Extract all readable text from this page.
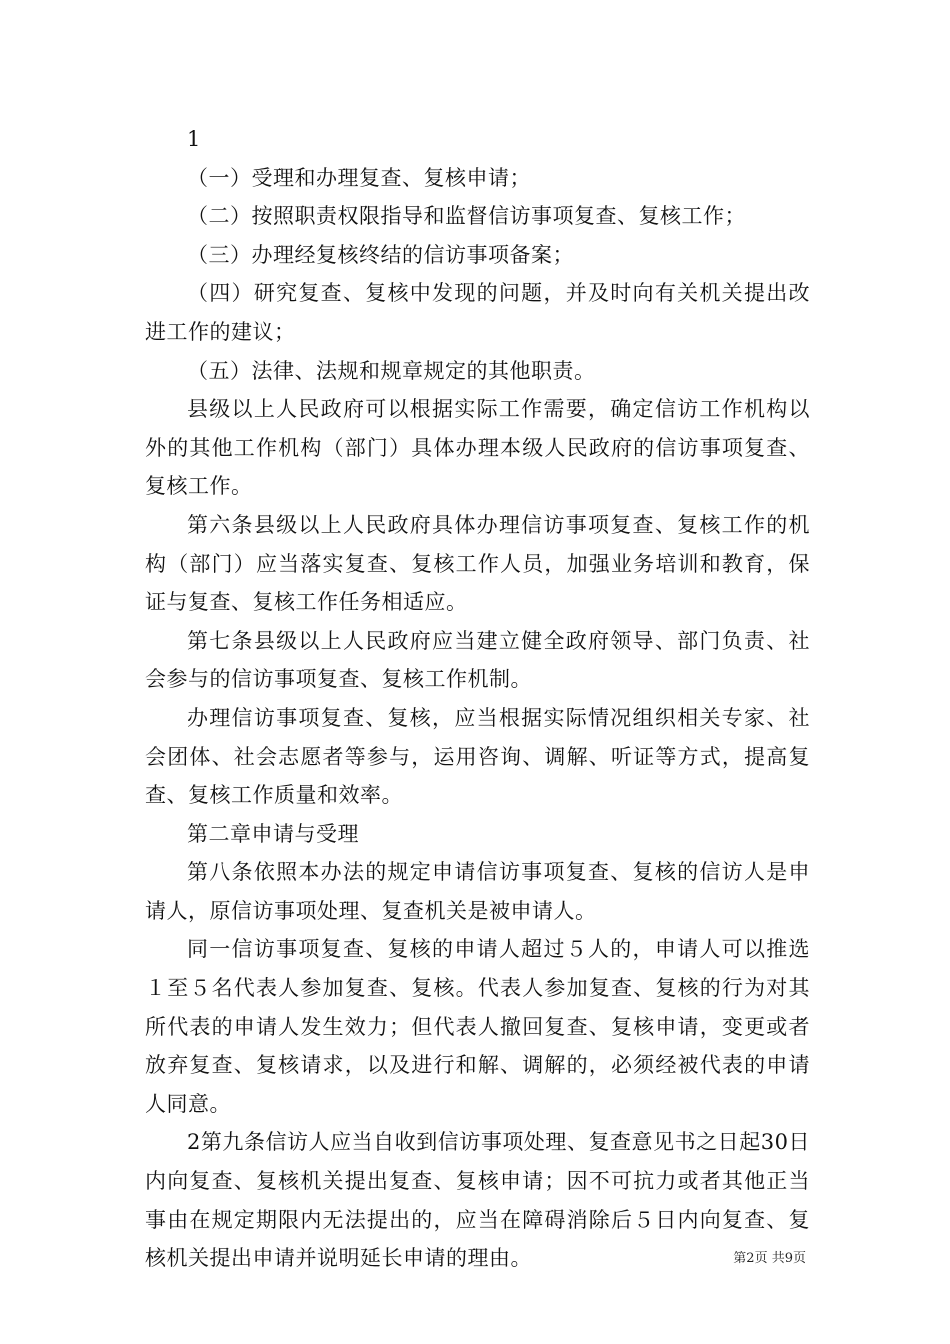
1

（一）受理和办理复查、复核申请；

（二）按照职责权限指导和监督信访事项复查、复核工作；

（三）办理经复核终结的信访事项备案；

（四）研究复查、复核中发现的问题，并及时向有关机关提出改进工作的建议；

（五）法律、法规和规章规定的其他职责。

县级以上人民政府可以根据实际工作需要，确定信访工作机构以外的其他工作机构（部门）具体办理本级人民政府的信访事项复查、复核工作。

第六条县级以上人民政府具体办理信访事项复查、复核工作的机构（部门）应当落实复查、复核工作人员，加强业务培训和教育，保证与复查、复核工作任务相适应。

第七条县级以上人民政府应当建立健全政府领导、部门负责、社会参与的信访事项复查、复核工作机制。

办理信访事项复查、复核，应当根据实际情况组织相关专家、社会团体、社会志愿者等参与，运用咨询、调解、听证等方式，提高复查、复核工作质量和效率。

第二章申请与受理

第八条依照本办法的规定申请信访事项复查、复核的信访人是申请人，原信访事项处理、复查机关是被申请人。

同一信访事项复查、复核的申请人超过５人的，申请人可以推选１至５名代表人参加复查、复核。代表人参加复查、复核的行为对其所代表的申请人发生效力；但代表人撤回复查、复核申请，变更或者放弃复查、复核请求，以及进行和解、调解的，必须经被代表的申请人同意。

2第九条信访人应当自收到信访事项处理、复查意见书之日起30日内向复查、复核机关提出复查、复核申请；因不可抗力或者其他正当事由在规定期限内无法提出的，应当在障碍消除后５日内向复查、复核机关提出申请并说明延长申请的理由。	第2页 共9页
